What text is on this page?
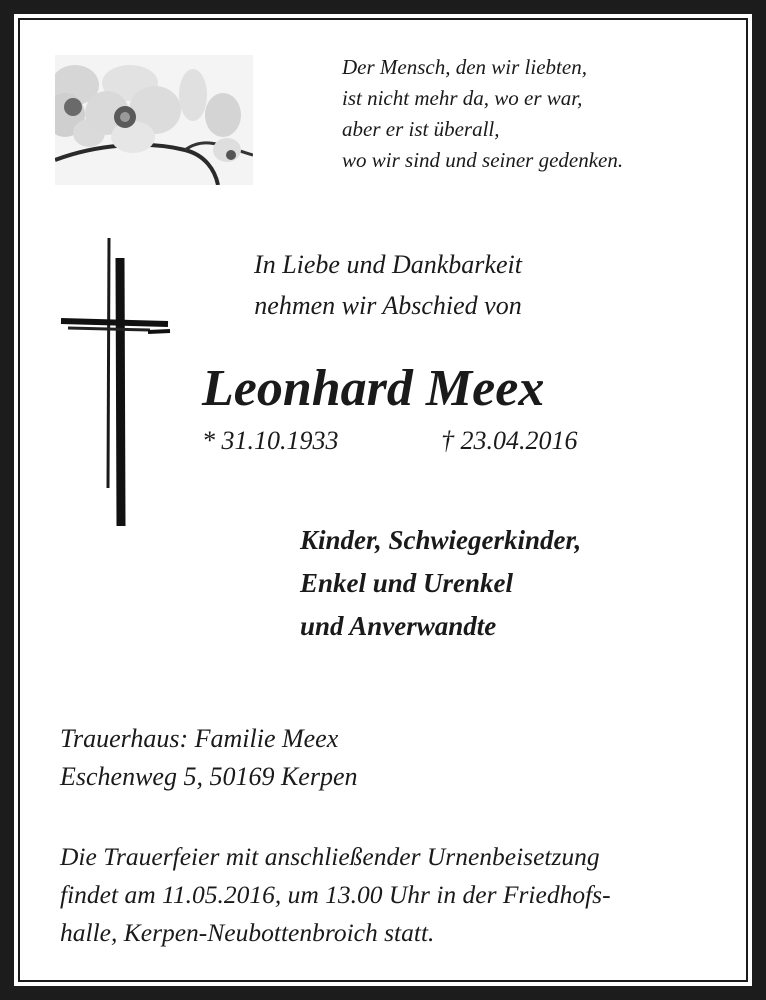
Der Mensch, den wir liebten,
ist nicht mehr da, wo er war,
aber er ist überall,
wo wir sind und seiner gedenken.
In Liebe und Dankbarkeit
nehmen wir Abschied von
Leonhard Meex
* 31.10.1933	† 23.04.2016
Kinder, Schwiegerkinder,
Enkel und Urenkel
und Anverwandte
Trauerhaus: Familie Meex
Eschenweg 5, 50169 Kerpen
Die Trauerfeier mit anschließender Urnenbeisetzung
findet am 11.05.2016, um 13.00 Uhr in der Friedhofs-
halle, Kerpen-Neubottenbroich statt.
